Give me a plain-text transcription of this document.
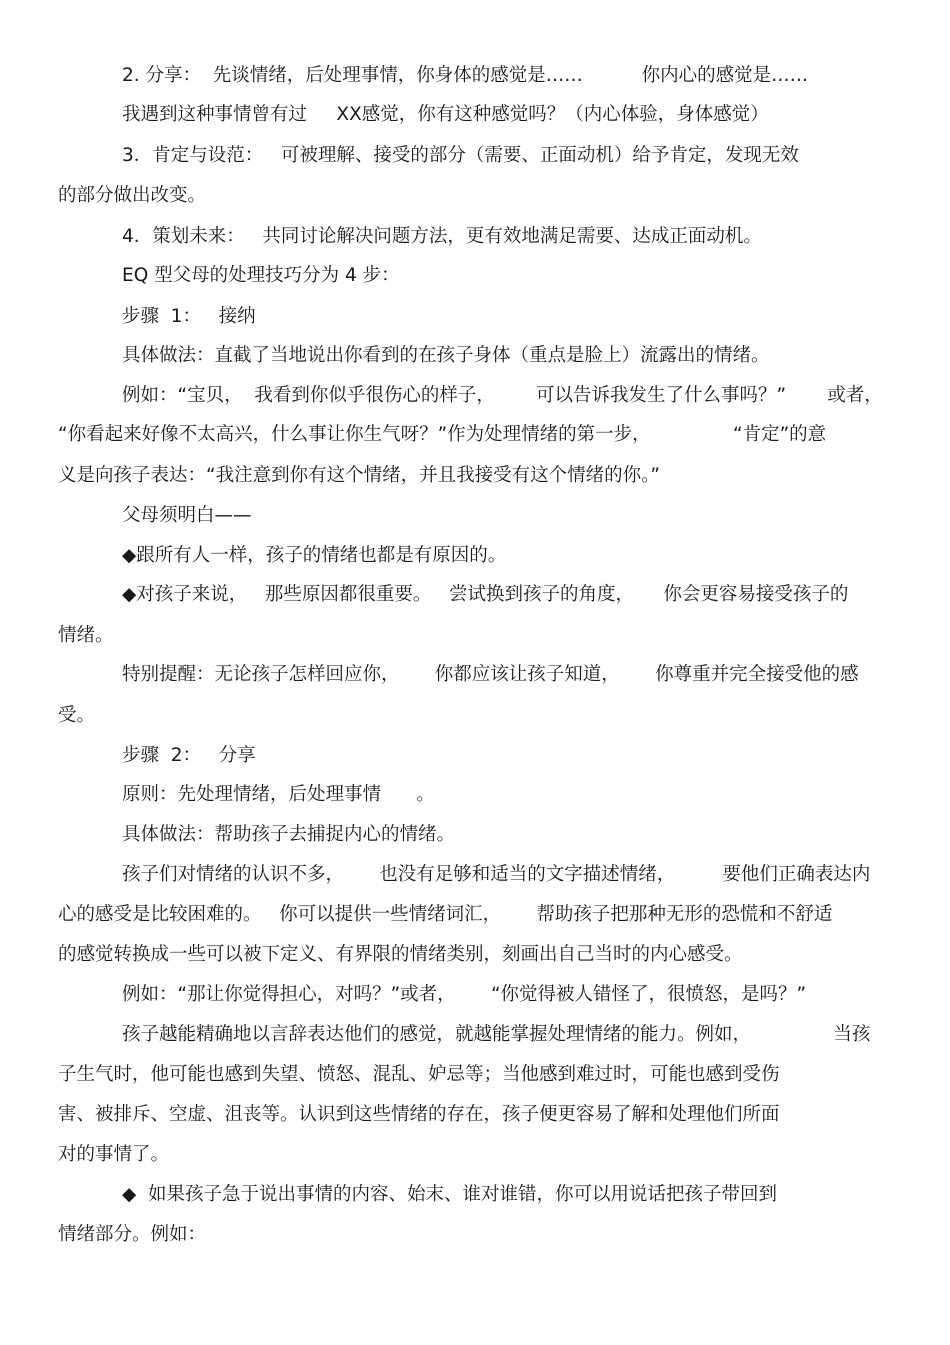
2. 分享：  先谈情绪，后处理事情，你身体的感觉是……          你内心的感觉是……
我遇到这种事情曾有过     XX感觉，你有这种感觉吗？（内心体验，身体感觉）
3．肯定与设范：   可被理解、接受的部分（需要、正面动机）给予肯定，发现无效
的部分做出改变。
4．策划未来：   共同讨论解决问题方法，更有效地满足需要、达成正面动机。
EQ 型父母的处理技巧分为 4 步：
步骤  1：   接纳
具体做法：直截了当地说出你看到的在孩子身体（重点是脸上）流露出的情绪。
例如：“宝贝，  我看到你似乎很伤心的样子，       可以告诉我发生了什么事吗？”       或者，
“你看起来好像不太高兴，什么事让你生气呀？”作为处理情绪的第一步，              “肯定”的意
义是向孩子表达：“我注意到你有这个情绪，并且我接受有这个情绪的你。”
父母须明白——
◆跟所有人一样，孩子的情绪也都是有原因的。
◆对孩子来说，   那些原因都很重要。   尝试换到孩子的角度，     你会更容易接受孩子的
情绪。
特别提醒：无论孩子怎样回应你，      你都应该让孩子知道，      你尊重并完全接受他的感
受。
步骤  2：   分享
原则：先处理情绪，后处理事情      。
具体做法：帮助孩子去捕捉内心的情绪。
孩子们对情绪的认识不多，      也没有足够和适当的文字描述情绪，        要他们正确表达内
心的感受是比较困难的。   你可以提供一些情绪词汇，      帮助孩子把那种无形的恐慌和不舒适
的感觉转换成一些可以被下定义、有界限的情绪类别，刻画出自己当时的内心感受。
例如：“那让你觉得担心，对吗？”或者，      “你觉得被人错怪了，很愤怒，是吗？”
孩子越能精确地以言辞表达他们的感觉，就越能掌握处理情绪的能力。例如，              当孩
子生气时，他可能也感到失望、愤怒、混乱、妒忌等；当他感到难过时，可能也感到受伤
害、被排斥、空虚、沮丧等。认识到这些情绪的存在，孩子便更容易了解和处理他们所面
对的事情了。
◆  如果孩子急于说出事情的内容、始末、谁对谁错，你可以用说话把孩子带回到
情绪部分。例如：
